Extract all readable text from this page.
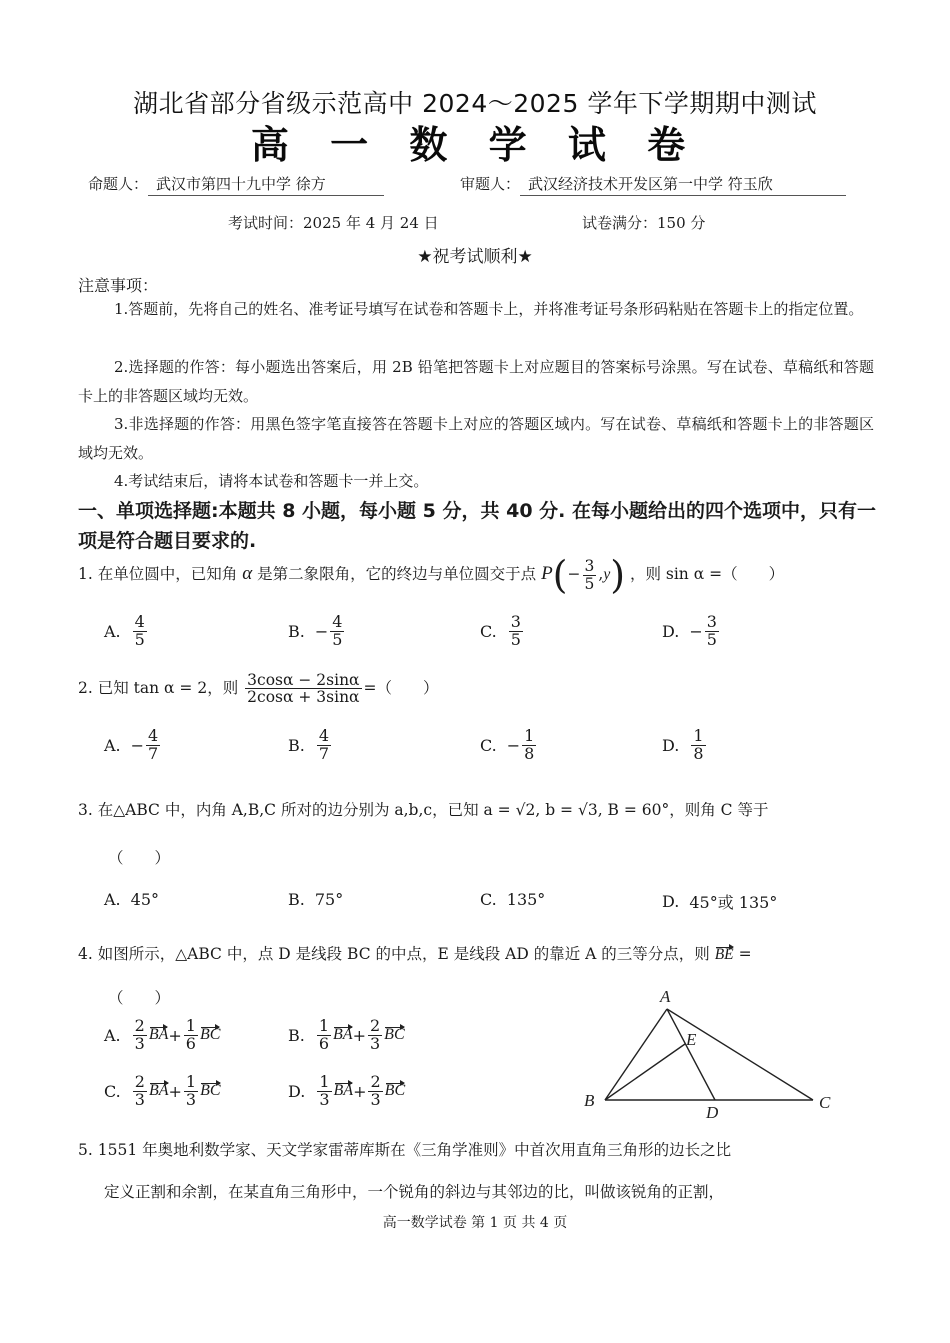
湖北省部分省级示范高中 2024～2025 学年下学期期中测试
高 一 数 学 试 卷
命题人： 武汉市第四十九中学 徐方	审题人： 武汉经济技术开发区第一中学 符玉欣
考试时间：2025 年 4 月 24 日	试卷满分：150 分
★祝考试顺利★
注意事项：
1.答题前，先将自己的姓名、准考证号填写在试卷和答题卡上，并将准考证号条形码粘贴在答题卡上的指定位置。
2.选择题的作答：每小题选出答案后，用 2B 铅笔把答题卡上对应题目的答案标号涂黑。写在试卷、草稿纸和答题卡上的非答题区域均无效。
3.非选择题的作答：用黑色签字笔直接答在答题卡上对应的答题区域内。写在试卷、草稿纸和答题卡上的非答题区域均无效。
4.考试结束后，请将本试卷和答题卡一并上交。
一、单项选择题:本题共 8 小题，每小题 5 分，共 40 分. 在每小题给出的四个选项中，只有一项是符合题目要求的.
1. 在单位圆中，已知角 α 是第二象限角，它的终边与单位圆交于点 $P(- \frac{3}{5} ,y)$ ，则 sin α =（　　）
A. $\frac{4}{5}$	B. − $\frac{4}{5}$	C. $\frac{3}{5}$	D. − $\frac{3}{5}$
2. 已知 tan α = 2，则 $\frac{3\cos\alpha - 2\sin\alpha}{2\cos\alpha + 3\sin\alpha}$ =（　　）
A. − $\frac{4}{7}$	B. $\frac{4}{7}$	C. − $\frac{1}{8}$	D. $\frac{1}{8}$
3. 在△ABC 中，内角 A,B,C 所对的边分别为 a,b,c，已知 a = √2, b = √3, B = 60°，则角 C 等于
（　　）
A. 45°	B. 75°	C. 135°	D. 45°或 135°
4. 如图所示，△ABC 中，点 D 是线段 BC 的中点，E 是线段 AD 的靠近 A 的三等分点，则 BE =
（　　）
A. $\frac{2}{3}$ BA + $\frac{1}{6}$ BC	B. $\frac{1}{6}$ BA + $\frac{2}{3}$ BC
C. $\frac{2}{3}$ BA + $\frac{1}{3}$ BC	D. $\frac{1}{3}$ BA + $\frac{2}{3}$ BC
A
E
B
D
C
5. 1551 年奥地利数学家、天文学家雷蒂库斯在《三角学准则》中首次用直角三角形的边长之比
定义正割和余割，在某直角三角形中，一个锐角的斜边与其邻边的比，叫做该锐角的正割，
高一数学试卷 第 1 页 共 4 页
